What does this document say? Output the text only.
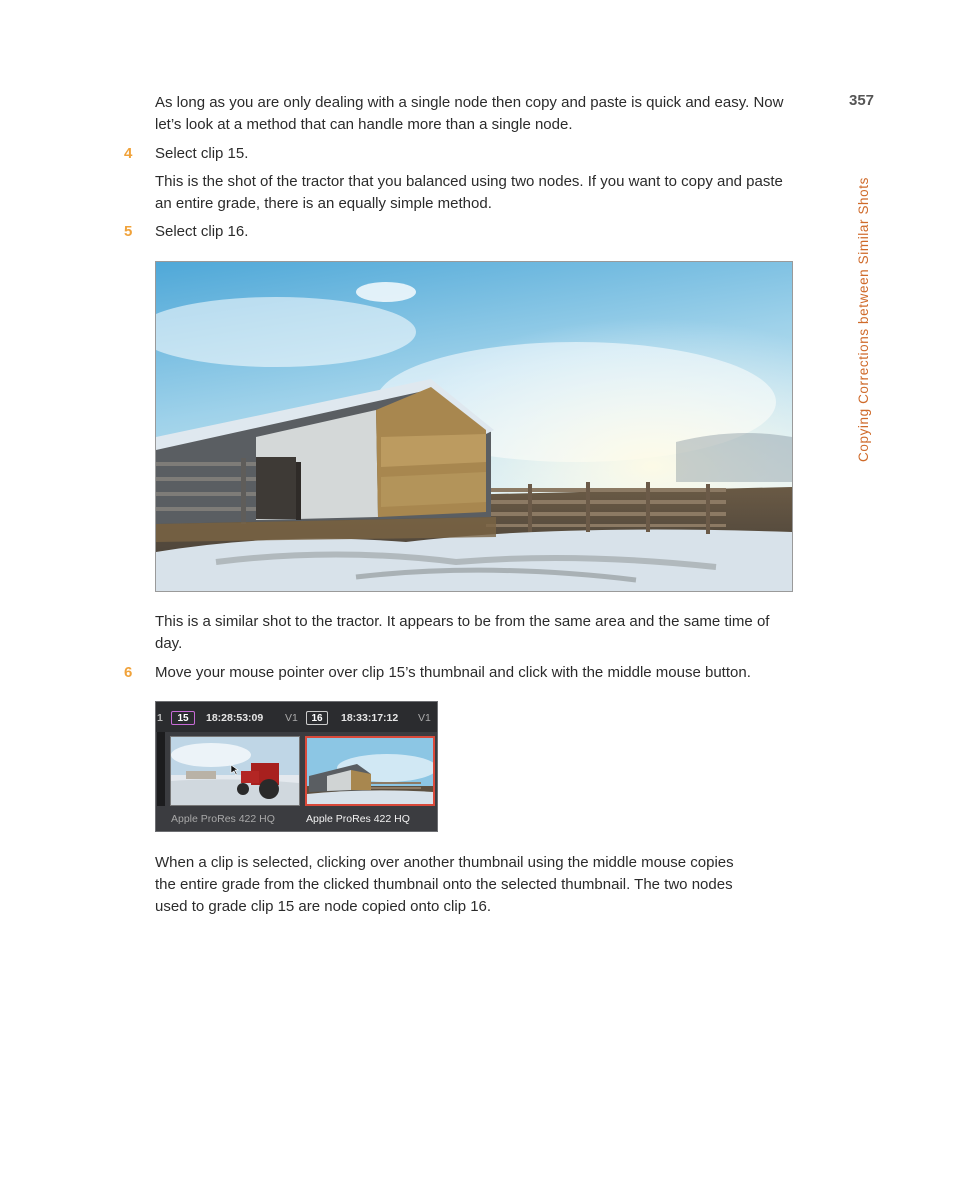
357
Copying Corrections between Similar Shots

As long as you are only dealing with a single node then copy and paste is quick and easy. Now let’s look at a method that can handle more than a single node.

4 Select clip 15.

This is the shot of the tractor that you balanced using two nodes. If you want to copy and paste an entire grade, there is an equally simple method.

5 Select clip 16.

This is a similar shot to the tractor. It appears to be from the same area and the same time of day.

6 Move your mouse pointer over clip 15’s thumbnail and click with the middle mouse button.
1	15	18:28:53:09 V1	16	18:33:17:12 V1
Apple ProRes 422 HQ	Apple ProRes 422 HQ

When a clip is selected, clicking over another thumbnail using the middle mouse copies the entire grade from the clicked thumbnail onto the selected thumbnail. The two nodes used to grade clip 15 are node copied onto clip 16.
